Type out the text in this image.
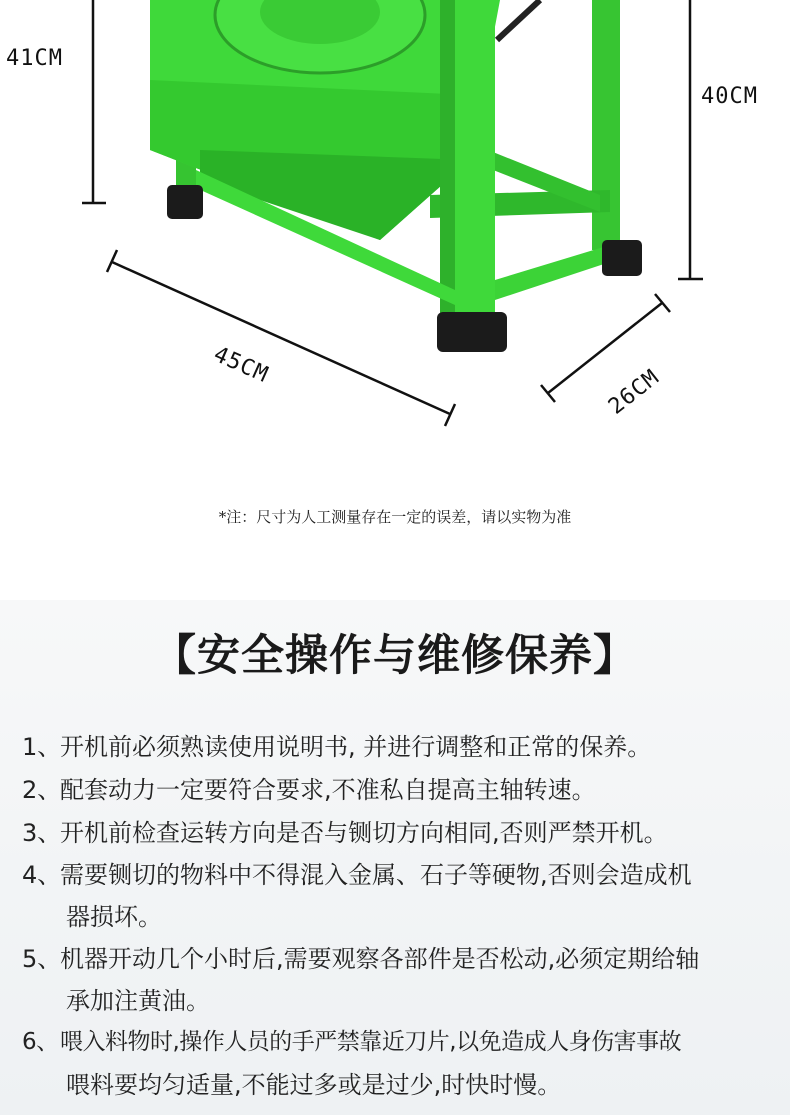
41CM
40CM
45CM	26CM
*注：尺寸为人工测量存在一定的误差，请以实物为准
【安全操作与维修保养】
1、开机前必须熟读使用说明书, 并进行调整和正常的保养。
2、配套动力一定要符合要求,不准私自提高主轴转速。
3、开机前检查运转方向是否与铡切方向相同,否则严禁开机。
4、需要铡切的物料中不得混入金属、石子等硬物,否则会造成机
器损坏。
5、机器开动几个小时后,需要观察各部件是否松动,必须定期给轴
承加注黄油。
6、喂入料物时,操作人员的手严禁靠近刀片,以免造成人身伤害事故
喂料要均匀适量,不能过多或是过少,时快时慢。
